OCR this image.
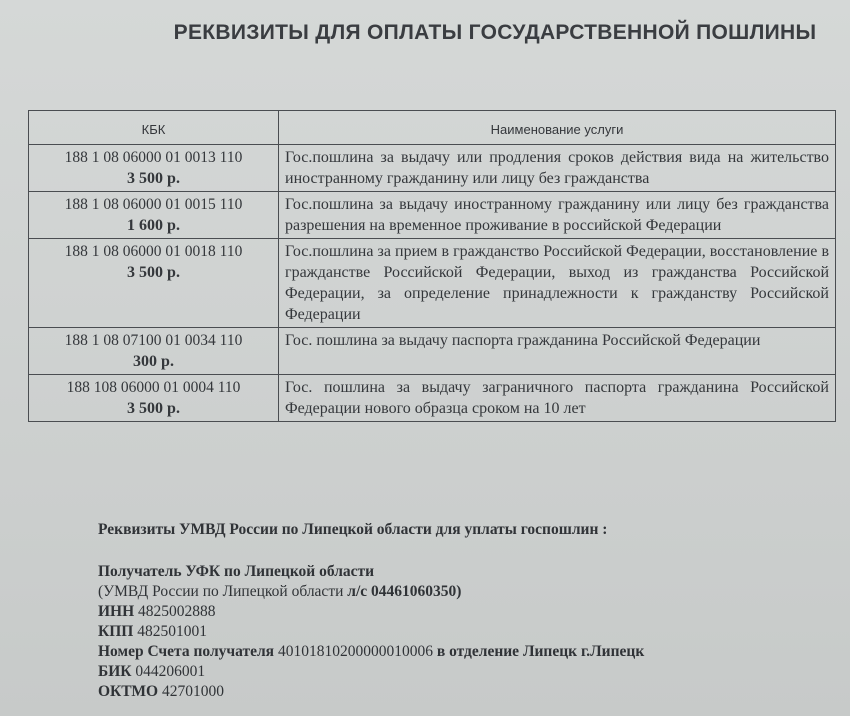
РЕКВИЗИТЫ ДЛЯ ОПЛАТЫ ГОСУДАРСТВЕННОЙ ПОШЛИНЫ
КБК	Наименование услуги

188 1 08 06000 01 0013 110
3 500 р.	Гос.пошлина за выдачу или продления сроков действия вида на жительство иностранному гражданину или лицу без гражданства

188 1 08 06000 01 0015 110
1 600 р.	Гос.пошлина за выдачу иностранному гражданину или лицу без гражданства разрешения на временное проживание в российской Федерации

188 1 08 06000 01 0018 110
3 500 р.	Гос.пошлина за прием в гражданство Российской Федерации, восстановление в гражданстве Российской Федерации, выход из гражданства Российской Федерации, за определение принадлежности к гражданству Российской Федерации

188 1 08 07100 01 0034 110
300 р.	Гос. пошлина за выдачу паспорта гражданина Российской Федерации

188 108 06000 01 0004 110
3 500 р.	Гос. пошлина за выдачу заграничного паспорта гражданина Российской Федерации нового образца сроком на 10 лет
Реквизиты УМВД России по Липецкой области для уплаты госпошлин :
Получатель УФК по Липецкой области
(УМВД России по Липецкой области л/с 04461060350)
ИНН 4825002888
КПП 482501001
Номер Счета получателя 40101810200000010006 в отделение Липецк г.Липецк
БИК 044206001
ОКТМО 42701000
